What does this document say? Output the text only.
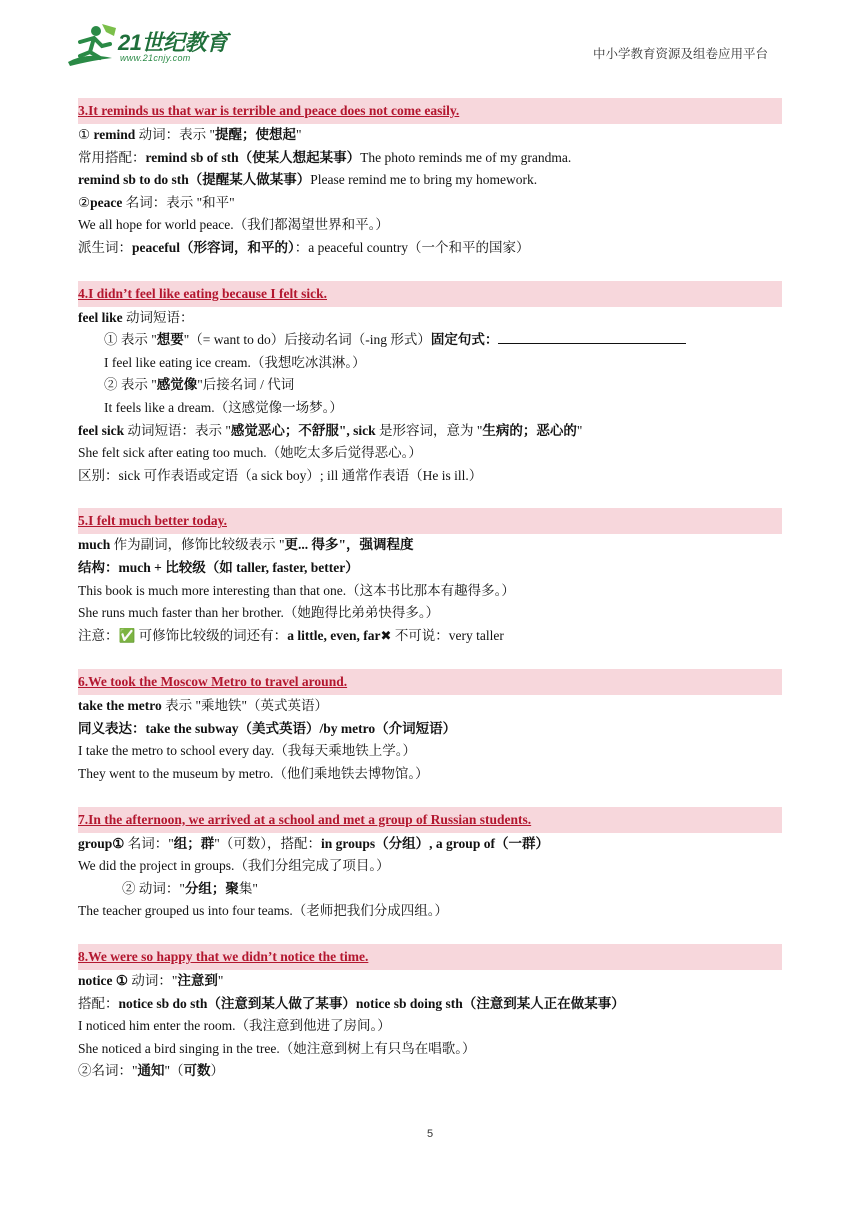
21世纪教育
www.21cnjy.com	中小学教育资源及组卷应用平台
3.It reminds us that war is terrible and peace does not come easily.
① remind 动词：表示 "提醒；使想起"
常用搭配：remind sb of sth（使某人想起某事）The photo reminds me of my grandma.
remind sb to do sth（提醒某人做某事）Please remind me to bring my homework.
②peace 名词：表示 "和平"
We all hope for world peace.（我们都渴望世界和平。）
派生词：peaceful（形容词，和平的）：a peaceful country（一个和平的国家）
4.I didn’t feel like eating because I felt sick.
feel like 动词短语：
① 表示 "想要"（= want to do）后接动名词（-ing 形式）固定句式：
I feel like eating ice cream.（我想吃冰淇淋。）
② 表示 "感觉像"后接名词 / 代词
It feels like a dream.（这感觉像一场梦。）
feel sick 动词短语：表示 "感觉恶心；不舒服", sick 是形容词，意为 "生病的；恶心的"
She felt sick after eating too much.（她吃太多后觉得恶心。）
区别：sick 可作表语或定语（a sick boy）; ill 通常作表语（He is ill.）
5.I felt much better today.
much 作为副词，修饰比较级表示 "更... 得多"，强调程度
结构：much + 比较级（如 taller, faster, better）
This book is much more interesting than that one.（这本书比那本有趣得多。）
She runs much faster than her brother.（她跑得比弟弟快得多。）
注意：✅ 可修饰比较级的词还有：a little, even, far✖ 不可说：very taller
6.We took the Moscow Metro to travel around.
take the metro 表示 "乘地铁"（英式英语）
同义表达：take the subway（美式英语）/by metro（介词短语）
I take the metro to school every day.（我每天乘地铁上学。）
They went to the museum by metro.（他们乘地铁去博物馆。）
7.In the afternoon, we arrived at a school and met a group of Russian students.
group① 名词："组；群"（可数），搭配：in groups（分组）, a group of（一群）
We did the project in groups.（我们分组完成了项目。）
② 动词："分组；聚集"
The teacher grouped us into four teams.（老师把我们分成四组。）
8.We were so happy that we didn’t notice the time.
notice ① 动词："注意到"
搭配：notice sb do sth（注意到某人做了某事）notice sb doing sth（注意到某人正在做某事）
I noticed him enter the room.（我注意到他进了房间。）
She noticed a bird singing in the tree.（她注意到树上有只鸟在唱歌。）
②名词："通知"（可数）
5
